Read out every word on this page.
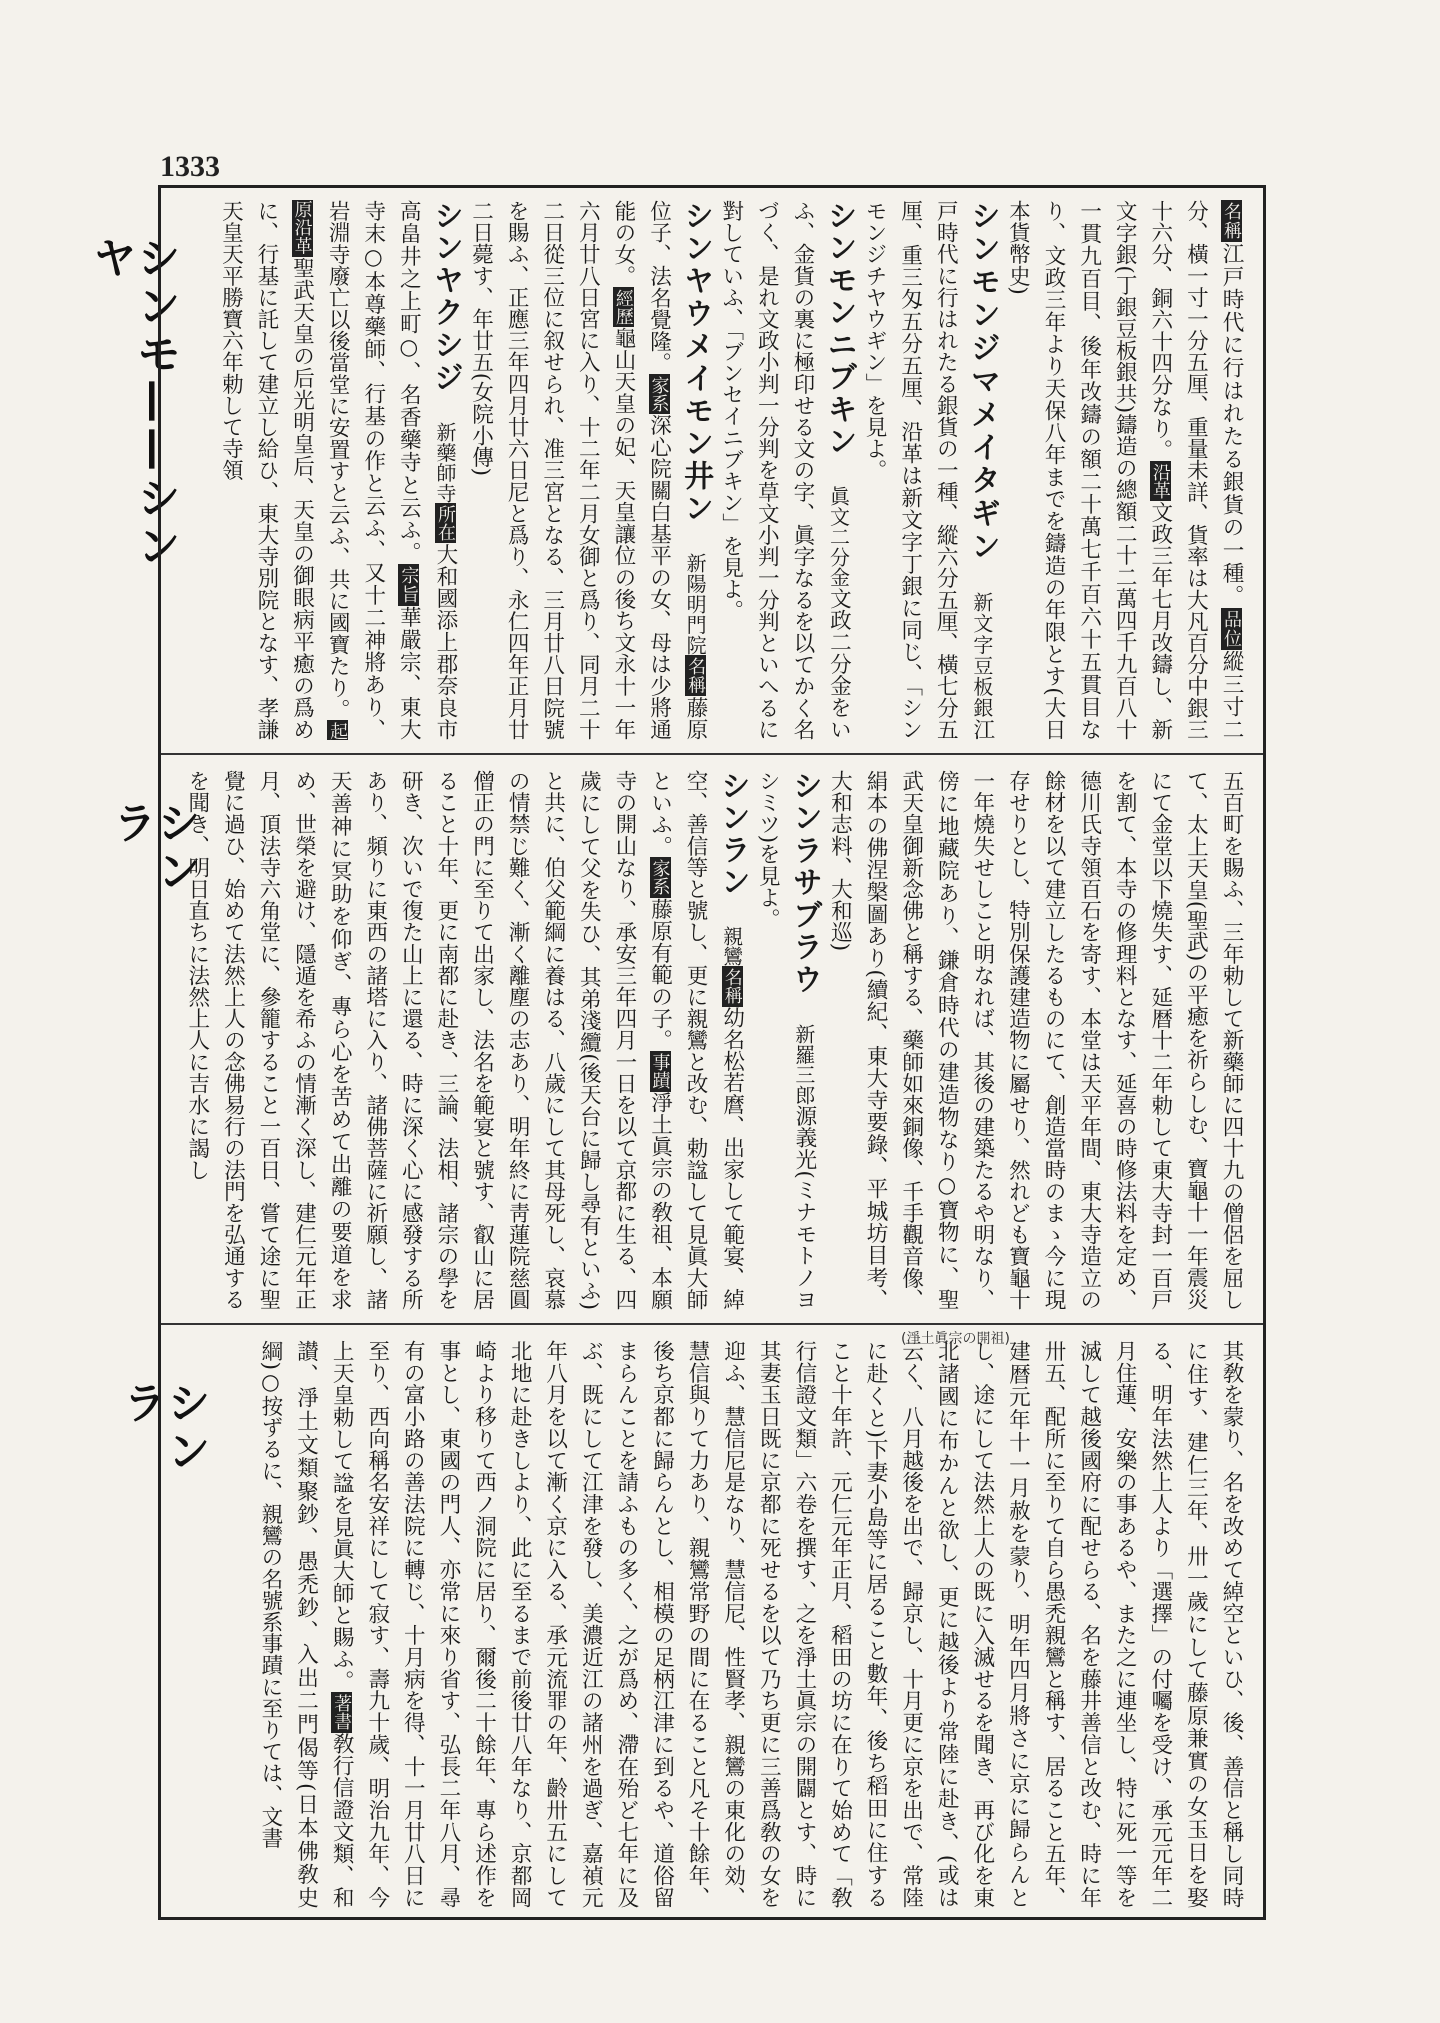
1333
シンモ——シンヤ
シンラ
シンラ

名稱江戸時代に行はれたる銀貨の一種。品位縱三寸二分、橫一寸一分五厘、重量未詳、貨率は大凡百分中銀三十六分、銅六十四分なり。沿革文政三年七月改鑄し、新文字銀(丁銀豆板銀共)鑄造の總額二十二萬四千九百八十一貫九百目、後年改鑄の額二十萬七千百六十五貫目なり、文政三年より天保八年までを鑄造の年限とす(大日本貨幣史)

シンモンジマメイタギン新文字豆板銀江戸時代に行はれたる銀貨の一種、縱六分五厘、橫七分五厘、重三匁五分五厘、沿革は新文字丁銀に同じ、「シンモンジチヤウギン」を見よ。

シンモンニブキン眞文二分金文政二分金をいふ、金貨の裏に極印せる文の字、眞字なるを以てかく名づく、是れ文政小判一分判を草文小判一分判といへるに對していふ、「ブンセイニブキン」を見よ。

シンヤウメイモン井ン新陽明門院名稱藤原位子、法名覺隆。家系深心院關白基平の女、母は少將通能の女。經歷龜山天皇の妃、天皇讓位の後ち文永十一年六月廿八日宮に入り、十二年二月女御と爲り、同月二十二日從三位に叙せられ、准三宮となる、三月廿八日院號を賜ふ、正應三年四月廿六日尼と爲り、永仁四年正月廿二日薨す、年廿五(女院小傳)

シンヤクシジ新藥師寺所在大和國添上郡奈良市高畠井之上町○、名香藥寺と云ふ。宗旨華嚴宗、東大寺末○本尊藥師、行基の作と云ふ、又十二神將あり、岩淵寺廢亡以後當堂に安置すと云ふ、共に國寶たり。起原沿革聖武天皇の后光明皇后、天皇の御眼病平癒の爲めに、行基に託して建立し給ひ、東大寺別院となす、孝謙天皇天平勝寶六年勅して寺領

五百町を賜ふ、三年勅して新藥師に四十九の僧侶を屈して、太上天皇(聖武)の平癒を祈らしむ、寶龜十一年震災にて金堂以下燒失す、延暦十二年勅して東大寺封一百戸を割て、本寺の修理料となす、延喜の時修法料を定め、德川氏寺領百石を寄す、本堂は天平年間、東大寺造立の餘材を以て建立したるものにて、創造當時のまゝ今に現存せりとし、特別保護建造物に屬せり、然れども寶龜十一年燒失せしこと明なれば、其後の建築たるや明なり、傍に地藏院あり、鎌倉時代の建造物なり○寶物に、聖武天皇御新念佛と稱する、藥師如來銅像、千手觀音像、絹本の佛涅槃圖あり(續紀、東大寺要錄、平城坊目考、大和志料、大和巡)

シンラサブラウ新羅三郎源義光(ミナモトノヨシミツ)を見よ。

シンラン親鸞名稱幼名松若麿、出家して範宴、綽空、善信等と號し、更に親鸞と改む、勅諡して見眞大師といふ。家系藤原有範の子。事蹟淨土眞宗の敎祖、本願寺の開山なり、承安三年四月一日を以て京都に生る、四歲にして父を失ひ、其弟淺纜(後天台に歸し尋有といふ)と共に、伯父範綱に養はる、八歲にして其母死し、哀慕の情禁じ難く、漸く離塵の志あり、明年終に靑蓮院慈圓僧正の門に至りて出家し、法名を範宴と號す、叡山に居ること十年、更に南都に赴き、三論、法相、諸宗の學を研き、次いで復た山上に還る、時に深く心に感發する所あり、頻りに東西の諸塔に入り、諸佛菩薩に祈願し、諸天善神に冥助を仰ぎ、專ら心を苦めて出離の要道を求め、世榮を避け、隱遁を希ふの情漸く深し、建仁元年正月、頂法寺六角堂に、參籠すること一百日、嘗て途に聖覺に過ひ、始めて法然上人の念佛易行の法門を弘通するを聞き、明日直ちに法然上人に吉水に謁し

(淨土眞宗の開祖)

其敎を蒙り、名を改めて綽空といひ、後、善信と稱し同時に住す、建仁三年、卅一歲にして藤原兼實の女玉日を娶る、明年法然上人より「選擇」の付囑を受け、承元元年二月住蓮、安樂の事あるや、また之に連坐し、特に死一等を滅して越後國府に配せらる、名を藤井善信と改む、時に年卅五、配所に至りて自ら愚禿親鸞と稱す、居ること五年、建暦元年十一月赦を蒙り、明年四月將さに京に歸らんとし、途にして法然上人の既に入滅せるを聞き、再び化を東北諸國に布かんと欲し、更に越後より常陸に赴き、(或は云く、八月越後を出で、歸京し、十月更に京を出で、常陸に赴くと)下妻小島等に居ること數年、後ち稻田に住すること十年許、元仁元年正月、稻田の坊に在りて始めて「敎行信證文類」六卷を撰す、之を淨土眞宗の開闢とす、時に其妻玉日既に京都に死せるを以て乃ち更に三善爲敎の女を迎ふ、慧信尼是なり、慧信尼、性賢孝、親鸞の東化の効、慧信與りて力あり、親鸞常野の間に在ること凡そ十餘年、後ち京都に歸らんとし、相模の足柄江津に到るや、道俗留まらんことを請ふもの多く、之が爲め、滯在殆ど七年に及ぶ、既にして江津を發し、美濃近江の諸州を過ぎ、嘉禎元年八月を以て漸く京に入る、承元流罪の年、齡卅五にして北地に赴きしより、此に至るまで前後廿八年なり、京都岡崎より移りて西ノ洞院に居り、爾後二十餘年、專ら述作を事とし、東國の門人、亦常に來り省す、弘長二年八月、尋有の富小路の善法院に轉じ、十月病を得、十一月廿八日に至り、西向稱名安祥にして寂す、壽九十歲、明治九年、今上天皇勅して諡を見眞大師と賜ふ。著書敎行信證文類、和讃、淨土文類聚鈔、愚禿鈔、入出二門偈等(日本佛敎史綱)○按ずるに、親鸞の名號系事蹟に至りては、文書
